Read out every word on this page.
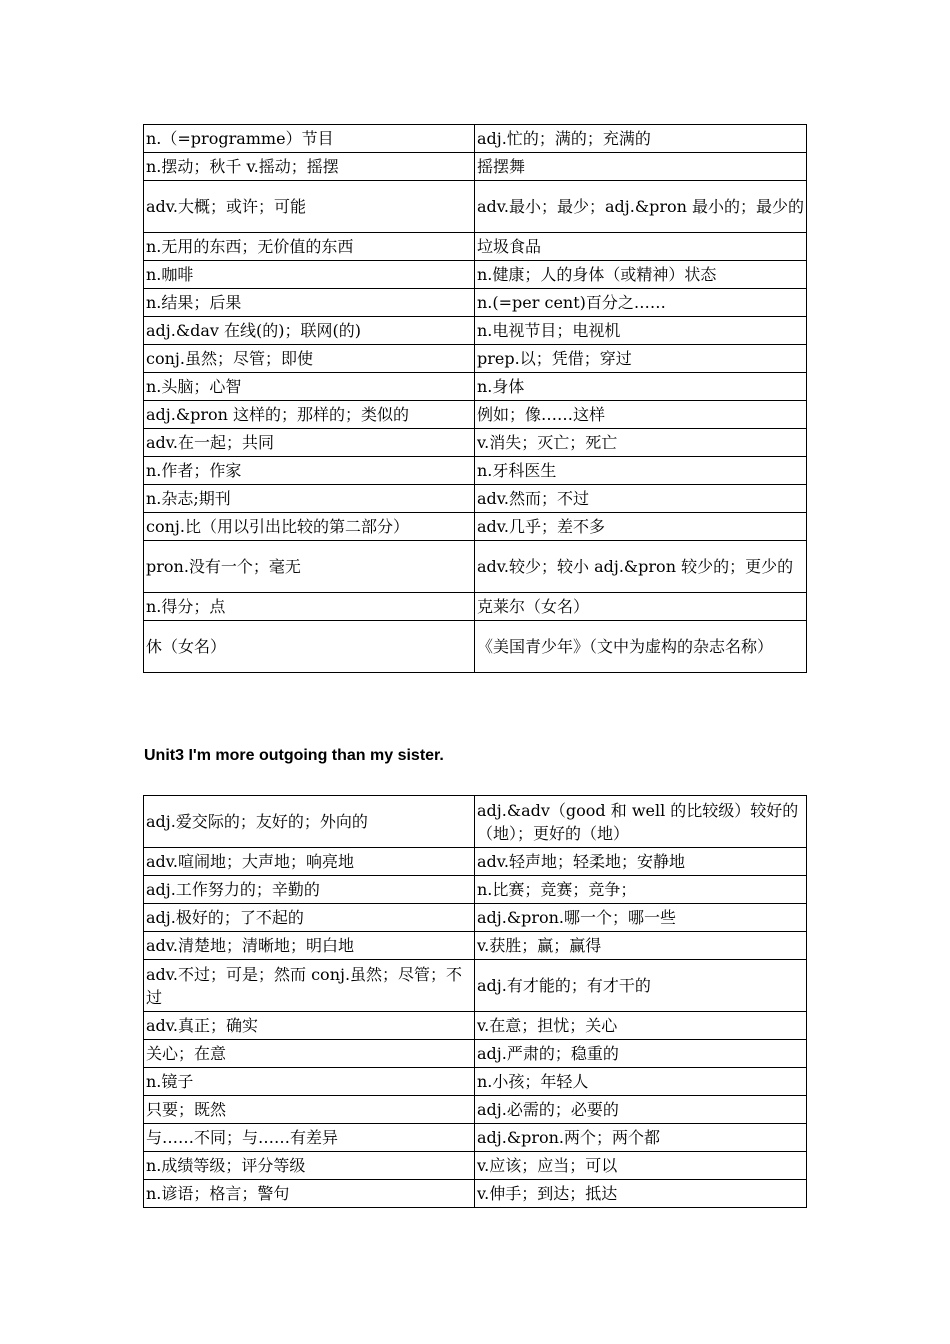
n.（=programme）节目	adj.忙的；满的；充满的
n.摆动；秋千 v.摇动；摇摆	摇摆舞
adv.大概；或许；可能	adv.最小；最少；adj.&pron 最小的；最少的
n.无用的东西；无价值的东西	垃圾食品
n.咖啡	n.健康；人的身体（或精神）状态
n.结果；后果	n.(=per cent)百分之……
adj.&dav 在线(的)；联网(的)	n.电视节目；电视机
conj.虽然；尽管；即使	prep.以；凭借；穿过
n.头脑；心智	n.身体
adj.&pron 这样的；那样的；类似的	例如；像……这样
adv.在一起；共同	v.消失；灭亡；死亡
n.作者；作家	n.牙科医生
n.杂志;期刊	adv.然而；不过
conj.比（用以引出比较的第二部分）	adv.几乎；差不多
pron.没有一个；毫无	adv.较少；较小 adj.&pron 较少的；更少的
n.得分；点	克莱尔（女名）
休（女名）	《美国青少年》（文中为虚构的杂志名称）
Unit3 I'm more outgoing than my sister.
adj.爱交际的；友好的；外向的	adj.&adv（good 和 well 的比较级）较好的（地）；更好的（地）
adv.喧闹地；大声地；响亮地	adv.轻声地；轻柔地；安静地
adj.工作努力的；辛勤的	n.比赛；竞赛；竞争；
adj.极好的；了不起的	adj.&pron.哪一个；哪一些
adv.清楚地；清晰地；明白地	v.获胜；赢；赢得
adv.不过；可是；然而 conj.虽然；尽管；不过	adj.有才能的；有才干的
adv.真正；确实	v.在意；担忧；关心
关心；在意	adj.严肃的；稳重的
n.镜子	n.小孩；年轻人
只要；既然	adj.必需的；必要的
与……不同；与……有差异	adj.&pron.两个；两个都
n.成绩等级；评分等级	v.应该；应当；可以
n.谚语；格言；警句	v.伸手；到达；抵达
